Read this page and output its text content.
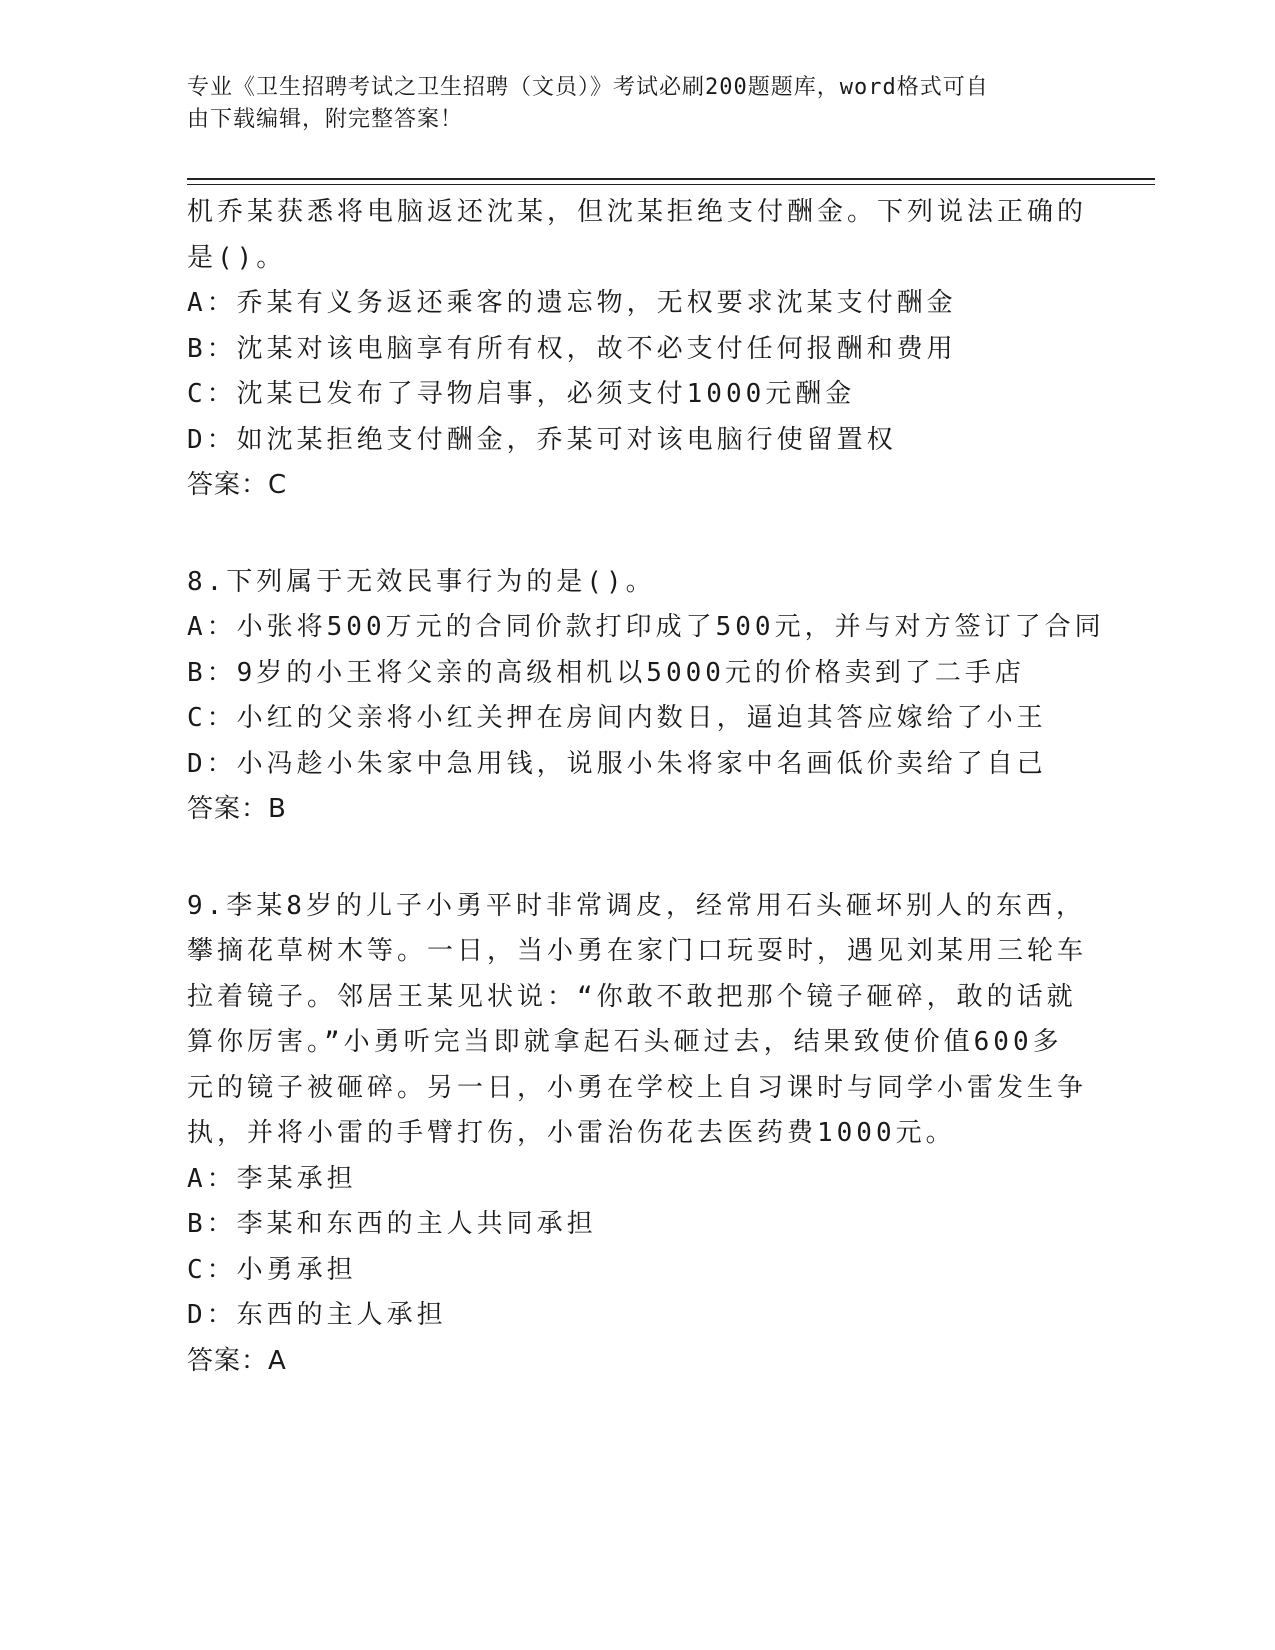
专业《卫生招聘考试之卫生招聘（文员）》考试必刷200题题库，word格式可自
由下载编辑，附完整答案！
机乔某获悉将电脑返还沈某，但沈某拒绝支付酬金。下列说法正确的
是()。
A：乔某有义务返还乘客的遗忘物，无权要求沈某支付酬金
B：沈某对该电脑享有所有权，故不必支付任何报酬和费用
C：沈某已发布了寻物启事，必须支付1000元酬金
D：如沈某拒绝支付酬金，乔某可对该电脑行使留置权
答案：C
8.下列属于无效民事行为的是()。
A：小张将500万元的合同价款打印成了500元，并与对方签订了合同
B：9岁的小王将父亲的高级相机以5000元的价格卖到了二手店
C：小红的父亲将小红关押在房间内数日，逼迫其答应嫁给了小王
D：小冯趁小朱家中急用钱，说服小朱将家中名画低价卖给了自己
答案：B
9.李某8岁的儿子小勇平时非常调皮，经常用石头砸坏别人的东西，
攀摘花草树木等。一日，当小勇在家门口玩耍时，遇见刘某用三轮车
拉着镜子。邻居王某见状说：“你敢不敢把那个镜子砸碎，敢的话就
算你厉害。”小勇听完当即就拿起石头砸过去，结果致使价值600多
元的镜子被砸碎。另一日，小勇在学校上自习课时与同学小雷发生争
执，并将小雷的手臂打伤，小雷治伤花去医药费1000元。
A：李某承担
B：李某和东西的主人共同承担
C：小勇承担
D：东西的主人承担
答案：A
